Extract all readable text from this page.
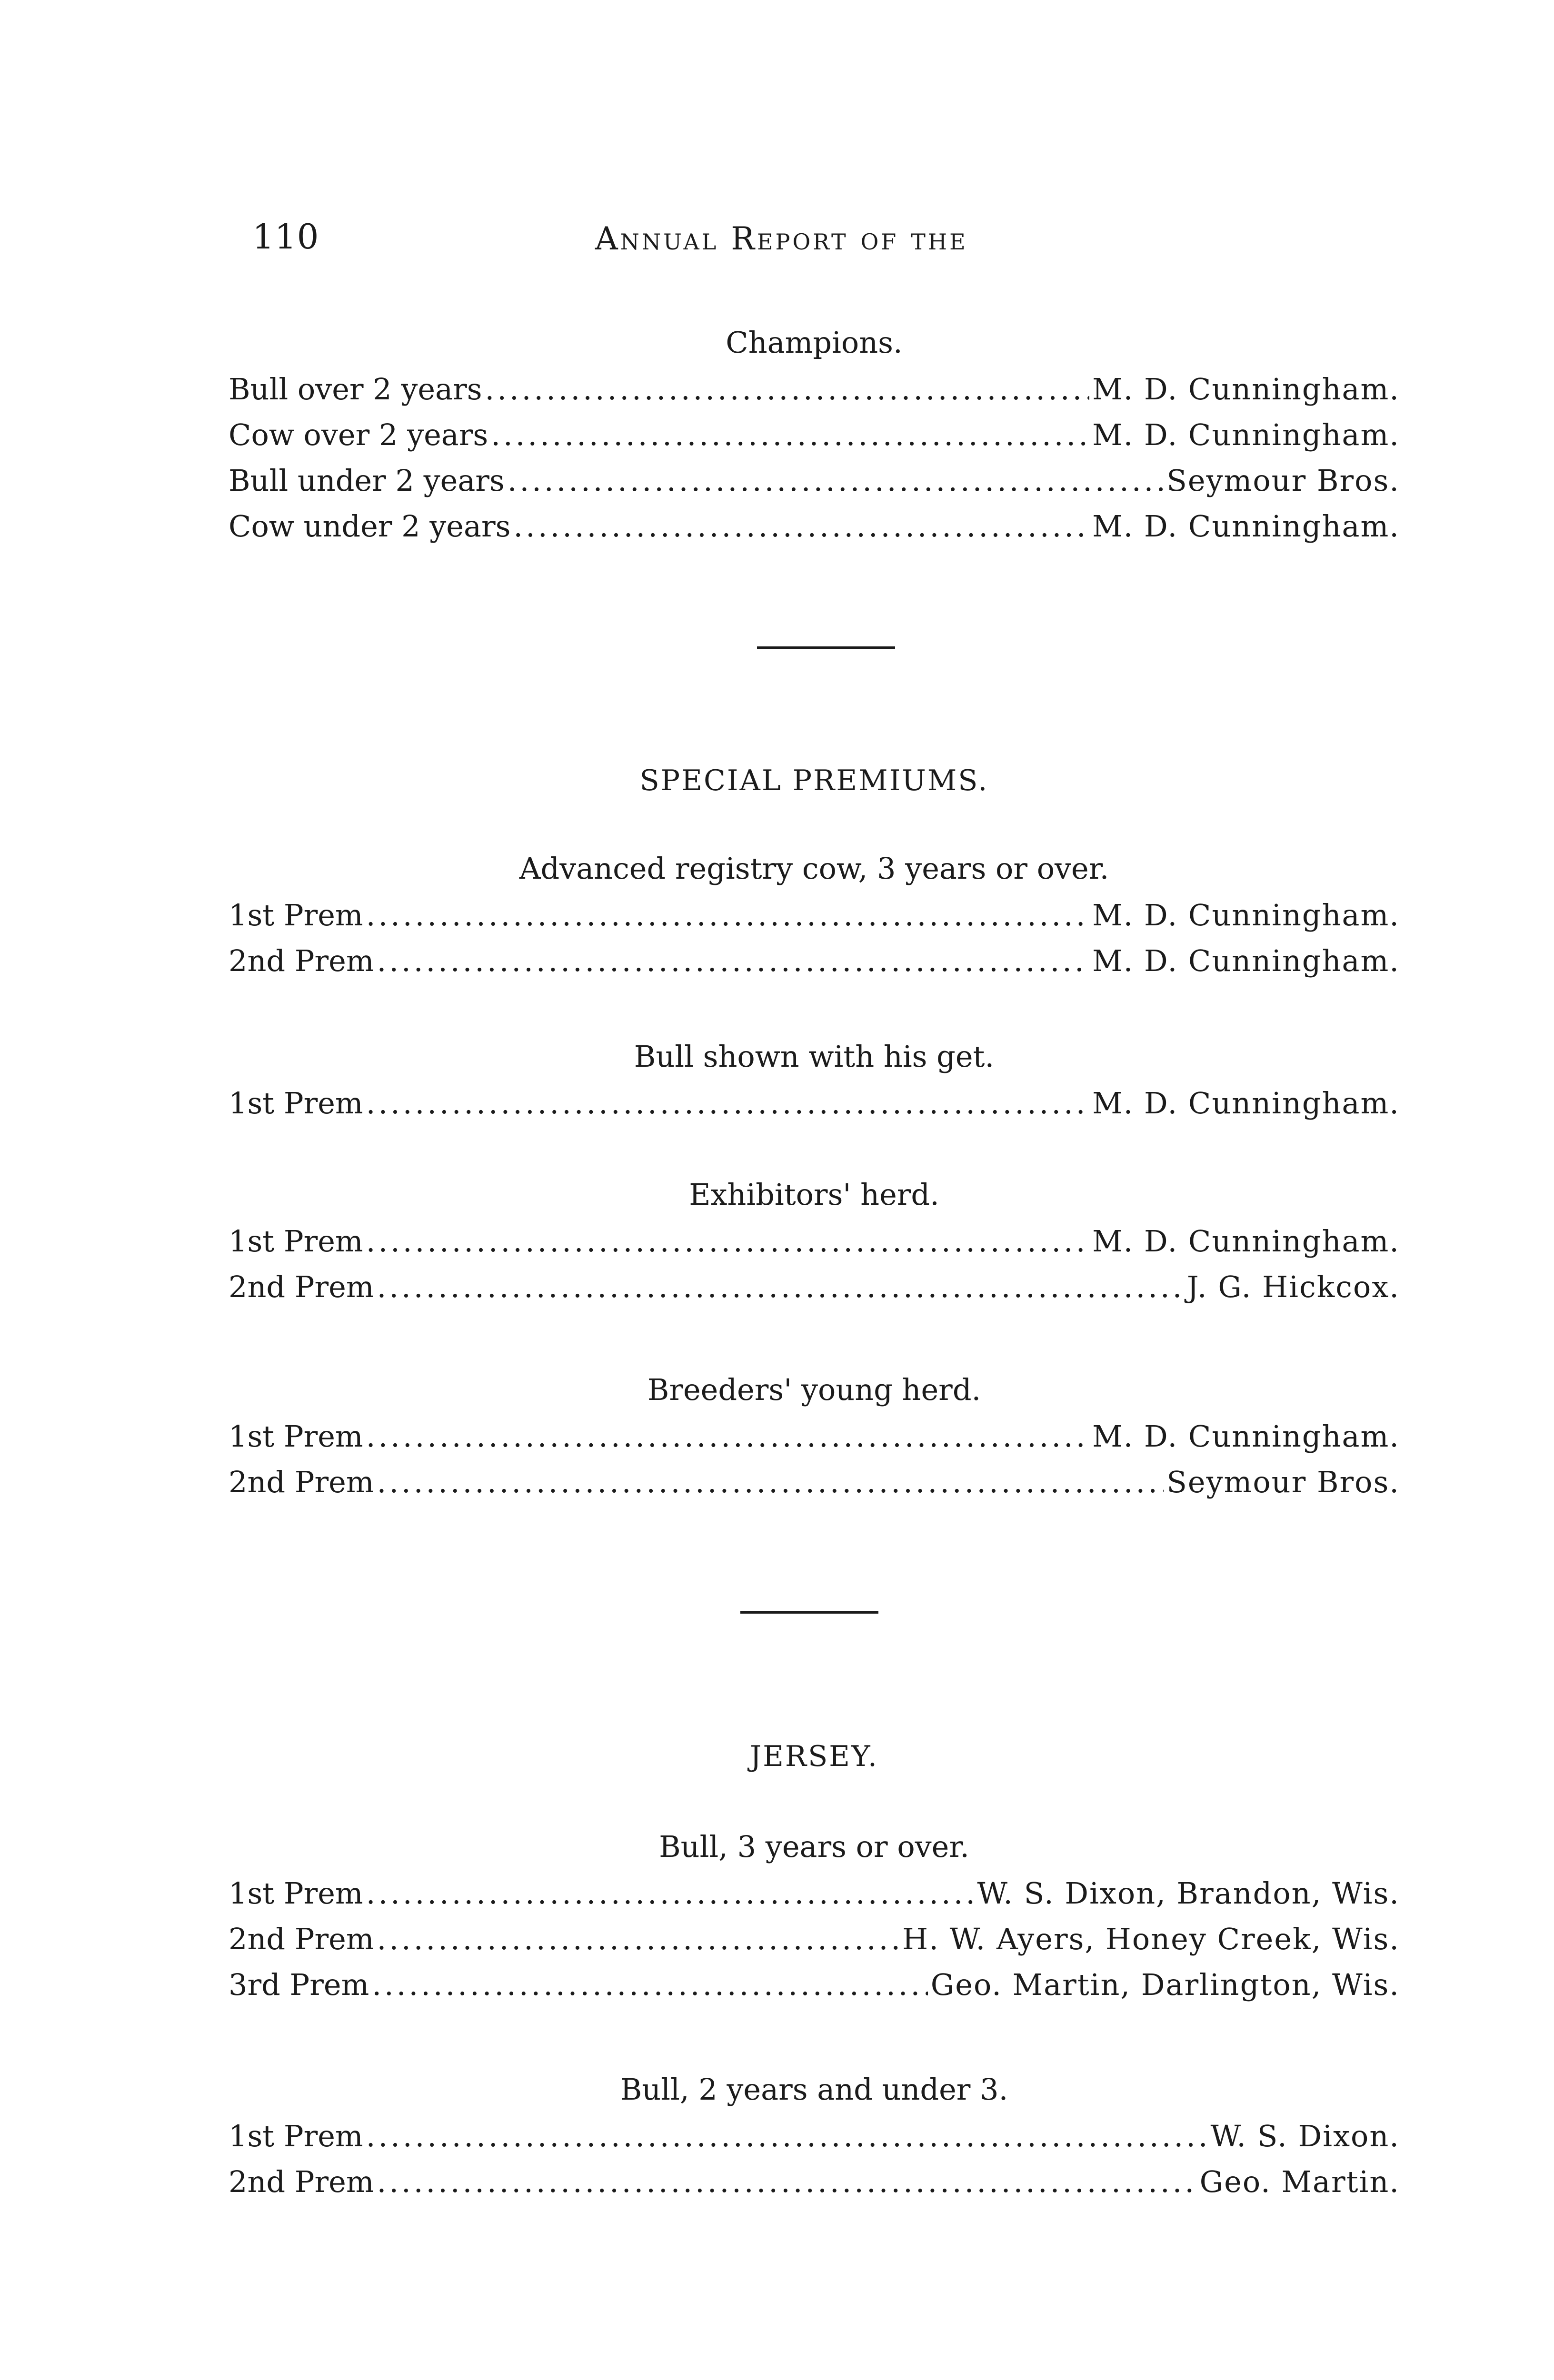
110	Annual Report of the
Champions.
Bull over 2 years .....	M. D. Cunningham.
Cow over 2 years .....	M. D. Cunningham.
Bull under 2 years .....	Seymour Bros.
Cow under 2 years .....	M. D. Cunningham.
SPECIAL PREMIUMS.
Advanced registry cow, 3 years or over.
1st Prem .....	M. D. Cunningham.
2nd Prem .....	M. D. Cunningham.
Bull shown with his get.
1st Prem .....	M. D. Cunningham.
Exhibitors' herd.
1st Prem .....	M. D. Cunningham.
2nd Prem .....	J. G. Hickcox.
Breeders' young herd.
1st Prem .....	M. D. Cunningham.
2nd Prem .....	Seymour Bros.
JERSEY.
Bull, 3 years or over.
1st Prem .....	W. S. Dixon, Brandon, Wis.
2nd Prem .....	H. W. Ayers, Honey Creek, Wis.
3rd Prem .....	Geo. Martin, Darlington, Wis.
Bull, 2 years and under 3.
1st Prem .....	W. S. Dixon.
2nd Prem .....	Geo. Martin.
